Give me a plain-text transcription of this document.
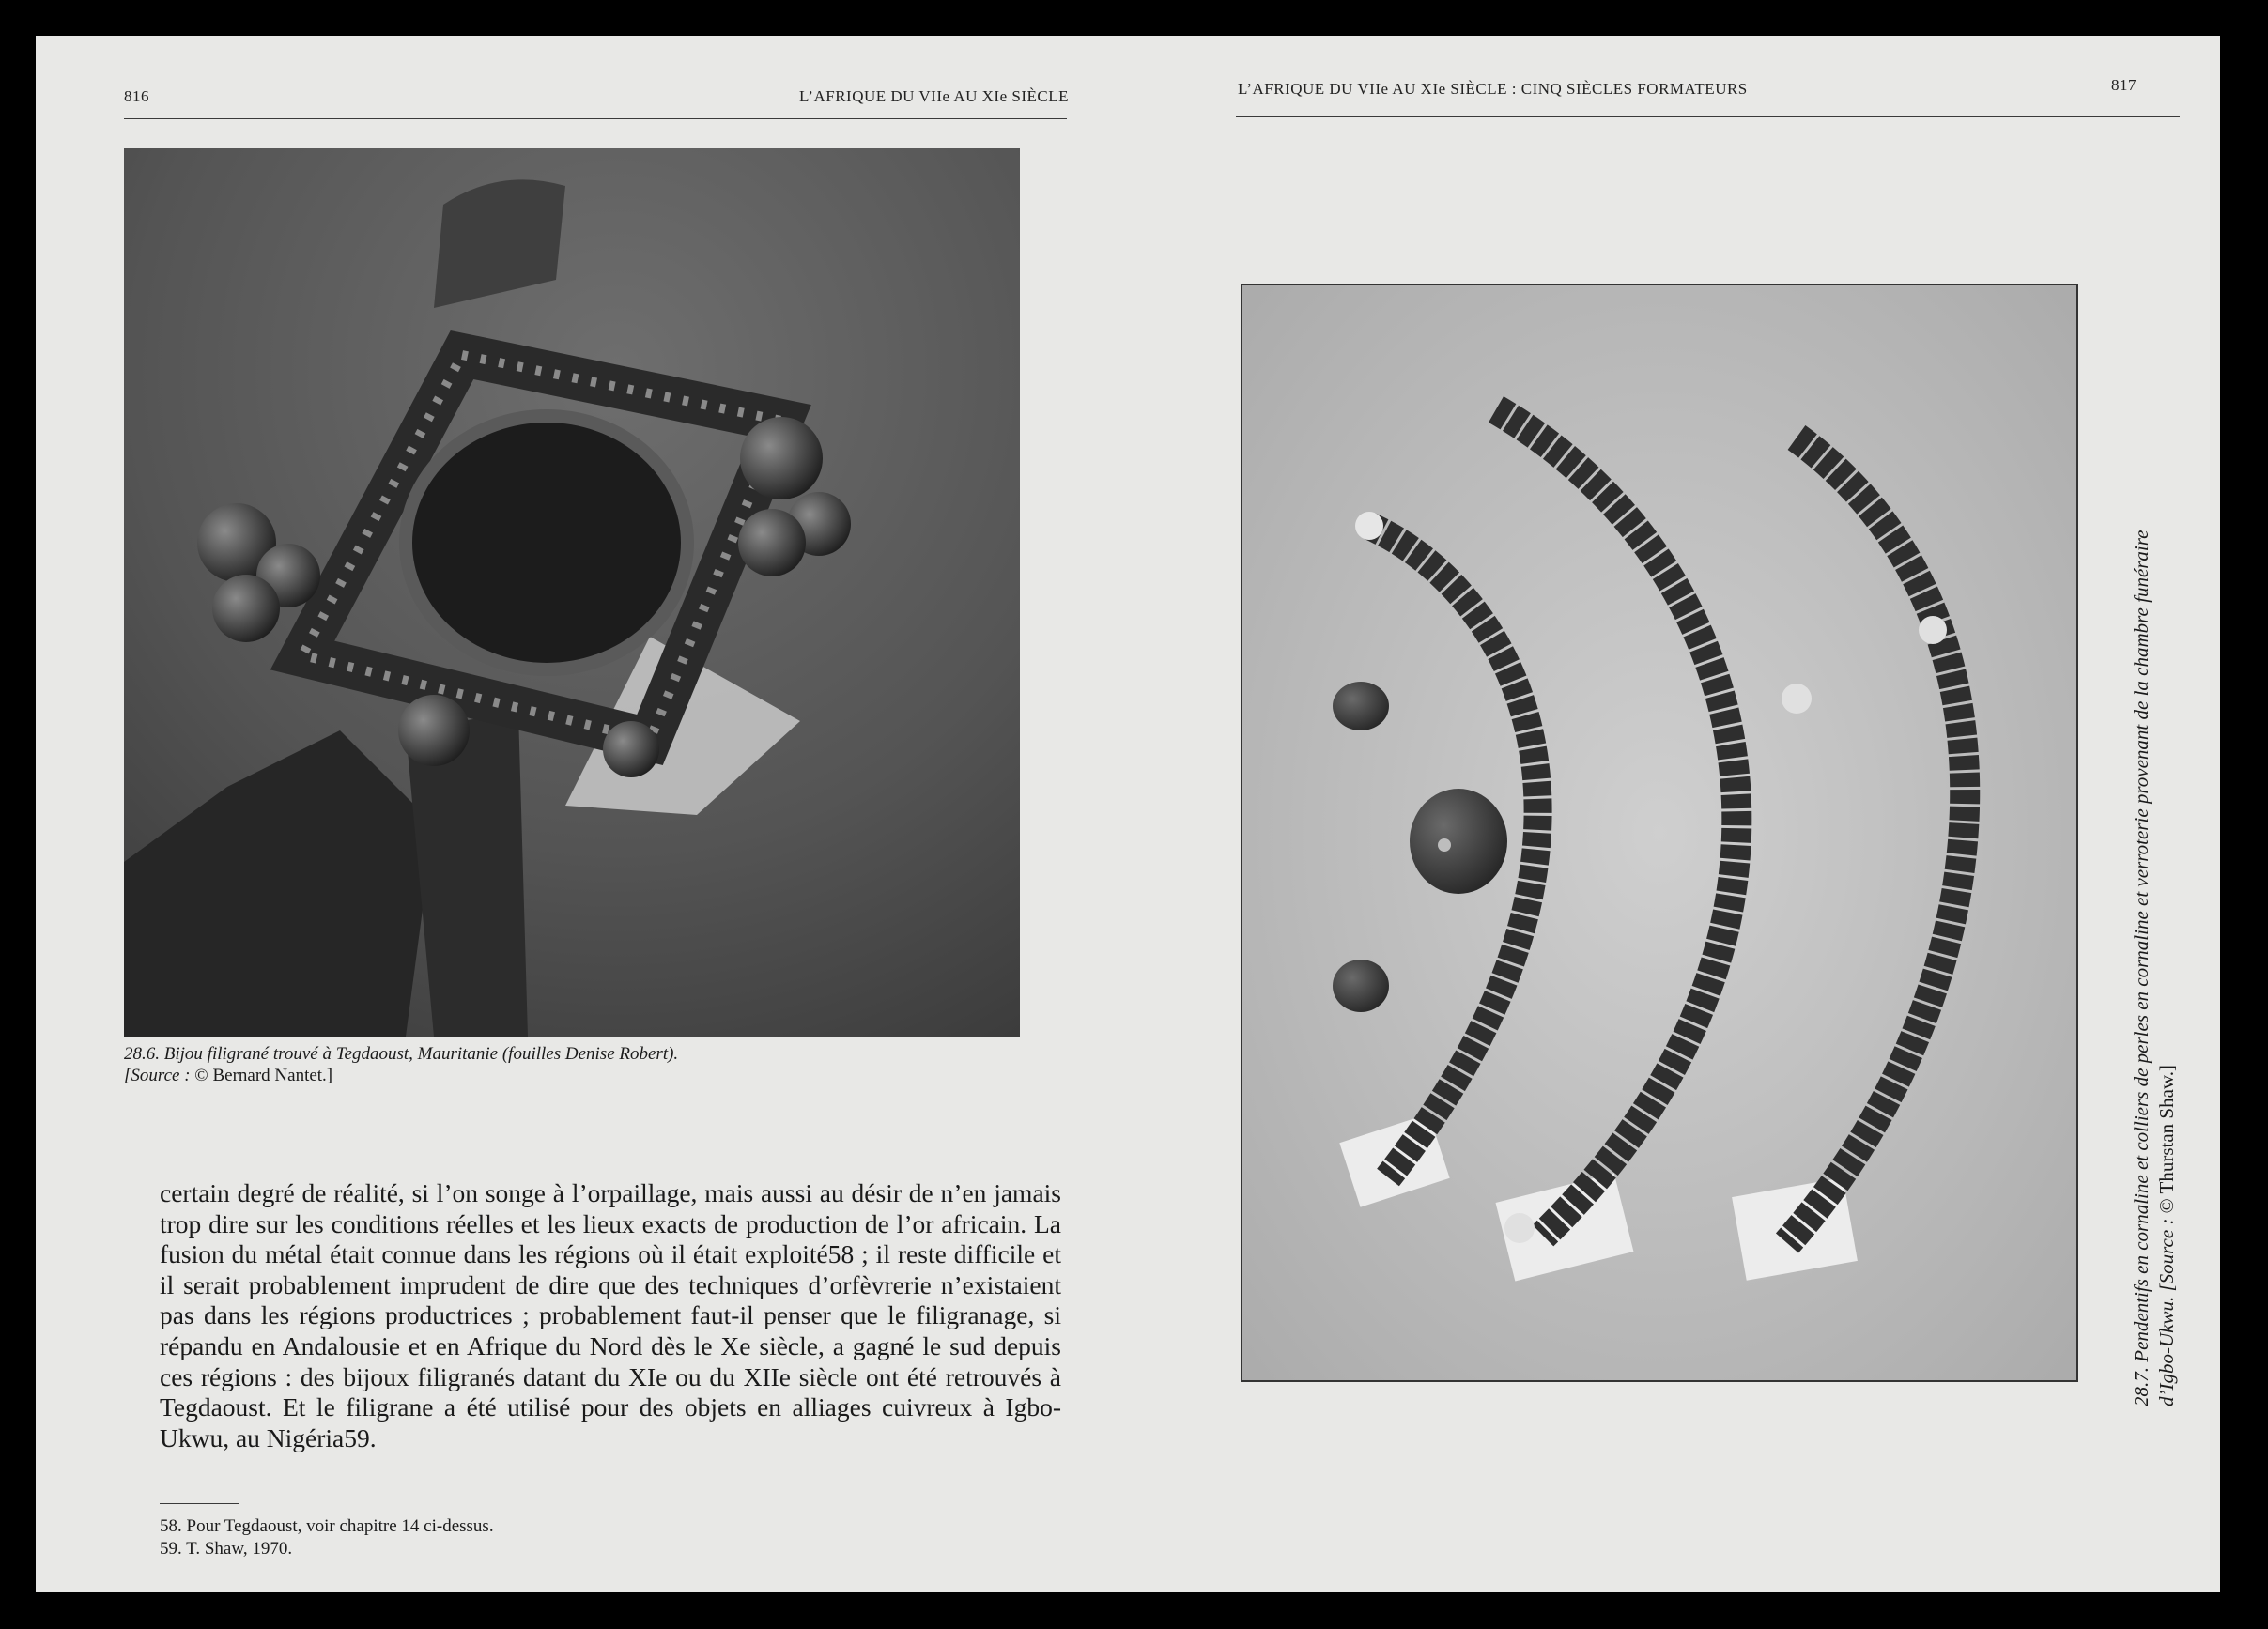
816	L’AFRIQUE DU VIIe AU XIe SIÈCLE
28.6. Bijou filigrané trouvé à Tegdaoust, Mauritanie (fouilles Denise Robert).
[Source : © Bernard Nantet.]

certain degré de réalité, si l’on songe à l’orpaillage, mais aussi au désir de n’en jamais trop dire sur les conditions réelles et les lieux exacts de production de l’or africain. La fusion du métal était connue dans les régions où il était exploité58 ; il reste difficile et il serait probablement imprudent de dire que des techniques d’orfèvrerie n’existaient pas dans les régions productrices ; probablement faut-il penser que le filigranage, si répandu en Andalousie et en Afrique du Nord dès le Xe siècle, a gagné le sud depuis ces régions : des bijoux filigranés datant du XIe ou du XIIe siècle ont été retrouvés à Tegdaoust. Et le filigrane a été utilisé pour des objets en alliages cuivreux à Igbo-Ukwu, au Nigéria59.

58. Pour Tegdaoust, voir chapitre 14 ci-dessus.
59. T. Shaw, 1970.
L’AFRIQUE DU VIIe AU XIe SIÈCLE : CINQ SIÈCLES FORMATEURS	817
28.7. Pendentifs en cornaline et colliers de perles en cornaline et verroterie provenant de la chambre funéraire d’Igbo-Ukwu. [Source : © Thurstan Shaw.]
